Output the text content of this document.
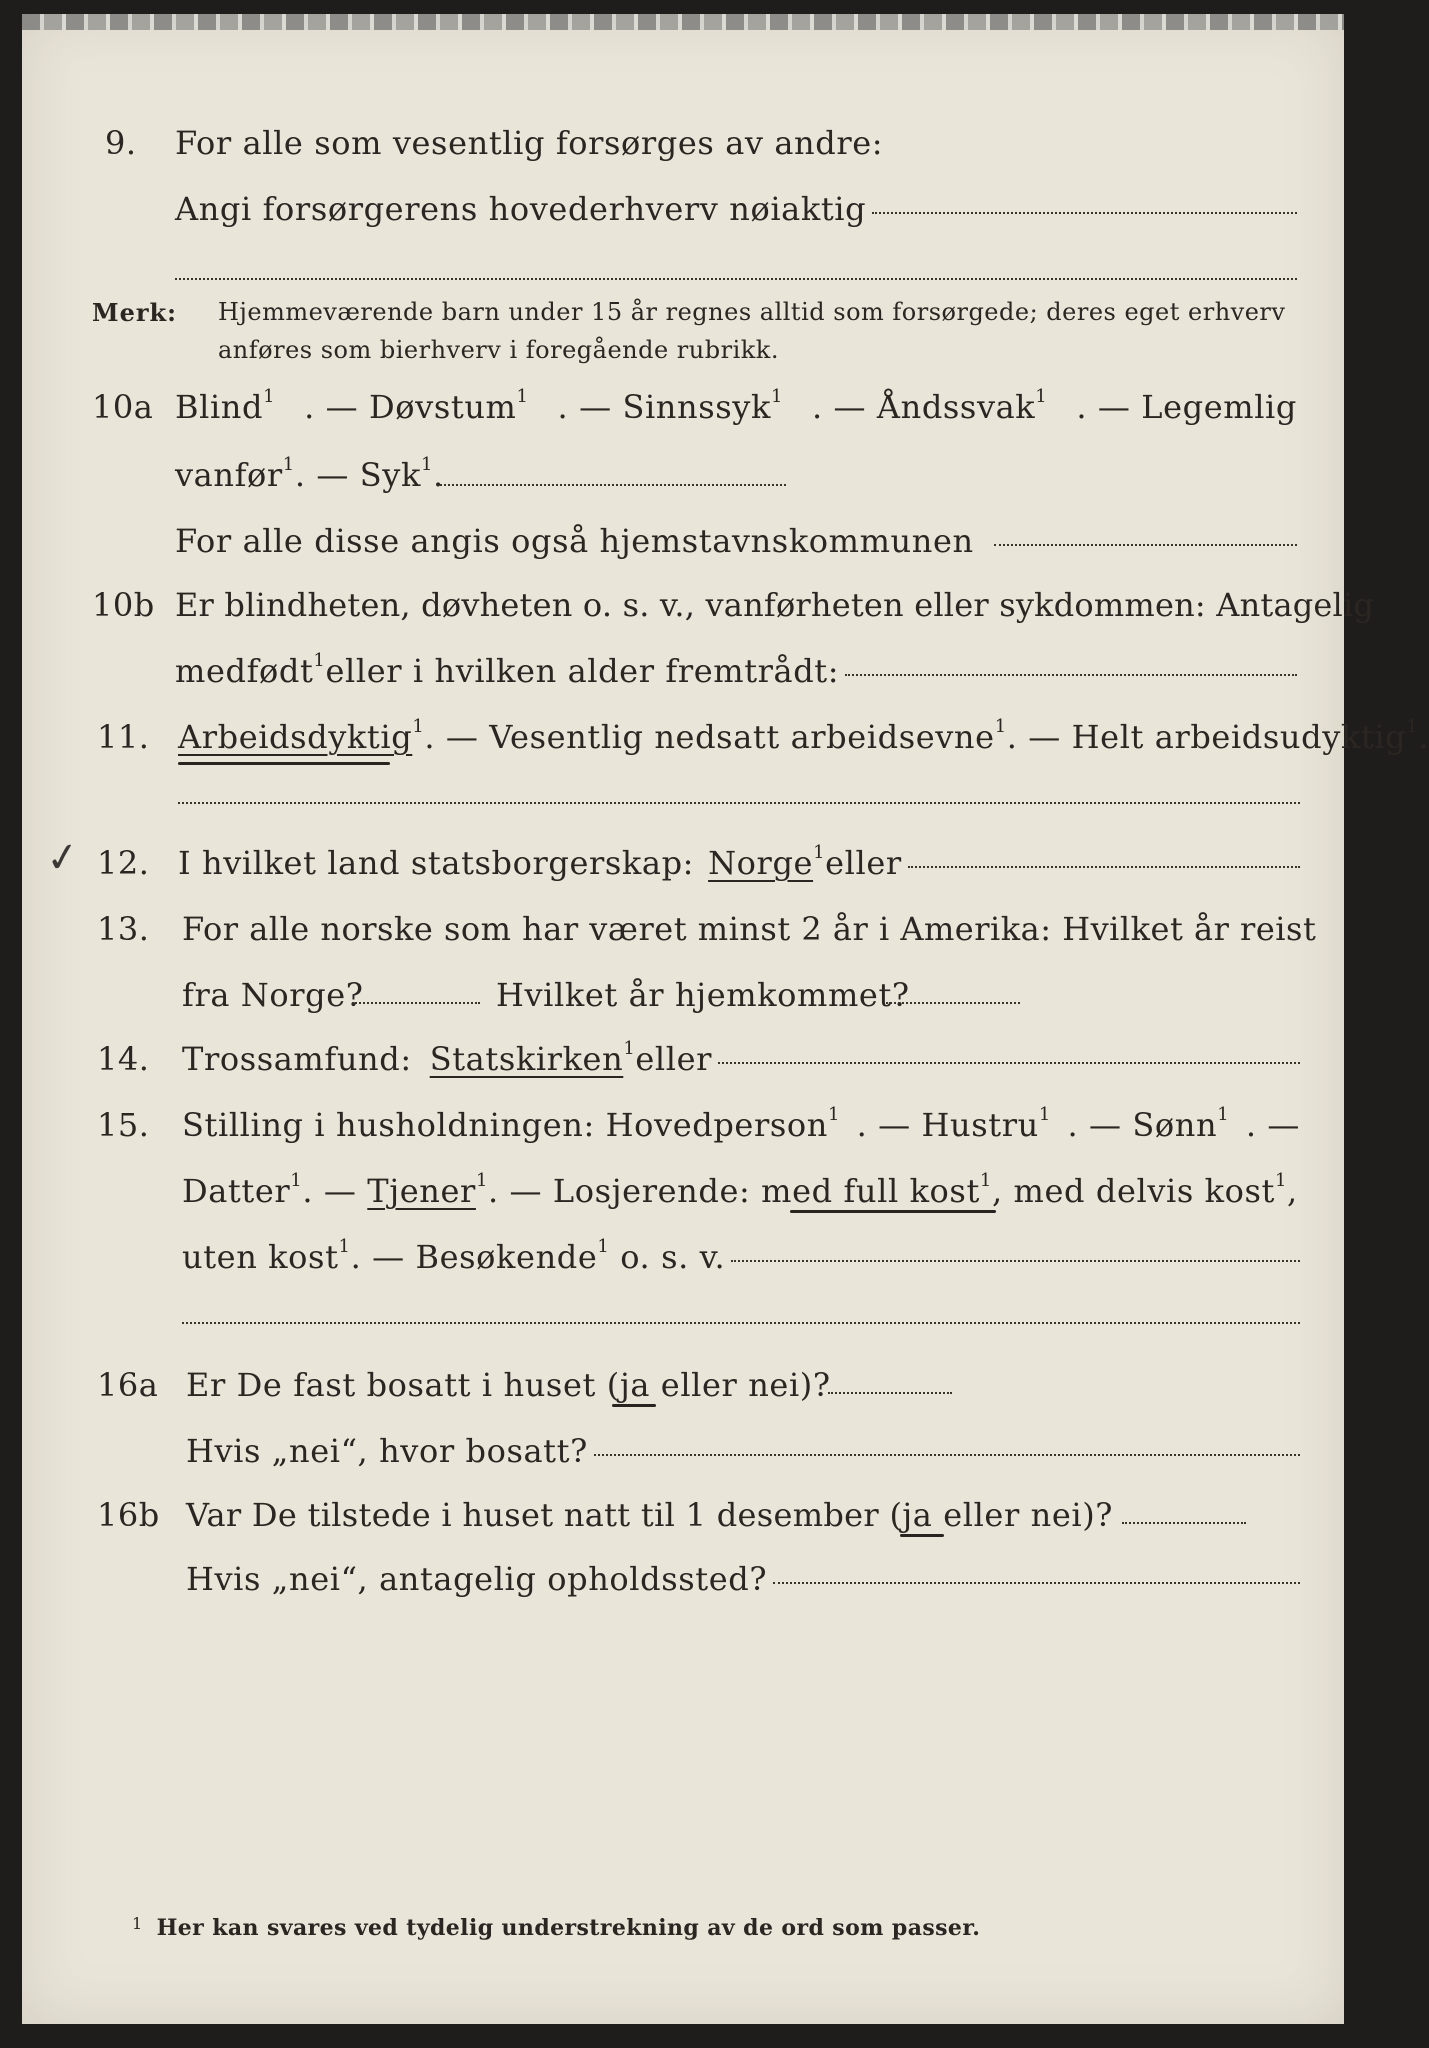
9. For alle som vesentlig forsørges av andre:
Angi forsørgerens hovederhverv nøiaktig
Merk: Hjemmeværende barn under 15 år regnes alltid som forsørgede; deres eget erhverv
anføres som bierhverv i foregående rubrikk.
10a Blind$^1$ . — Døvstum$^1$ . — Sinnssyk$^1$ . — Åndssvak$^1$ . — Legemlig
vanfør$^1$ . — Syk$^1$.
For alle disse angis også hjemstavnskommunen
10b Er blindheten, døvheten o. s. v., vanførheten eller sykdommen: Antagelig
medfødt$^1$ eller i hvilken alder fremtrådt:
11. Arbeidsdyktig$^1$ . — Vesentlig nedsatt arbeidsevne$^1$ . — Helt arbeidsudyktig$^1$.
✓ 12. I hvilket land statsborgerskap: Norge$^1$ eller
13. For alle norske som har været minst 2 år i Amerika: Hvilket år reist
fra Norge?	Hvilket år hjemkommet?
14. Trossamfund: Statskirken$^1$ eller
15. Stilling i husholdningen: Hovedperson$^1$ . — Hustru$^1$ . — Sønn$^1$ . —
Datter$^1$ . — Tjener$^1$ . — Losjerende: med full kost$^1$ , med delvis kost$^1$,
uten kost$^1$ . — Besøkende$^1$ o. s. v.
16a Er De fast bosatt i huset ( ja eller nei)?
Hvis „nei“, hvor bosatt?
16b Var De tilstede i huset natt til 1 desember ( ja eller nei)?
Hvis „nei“, antagelig opholdssted?
$^1$ Her kan svares ved tydelig understrekning av de ord som passer.
